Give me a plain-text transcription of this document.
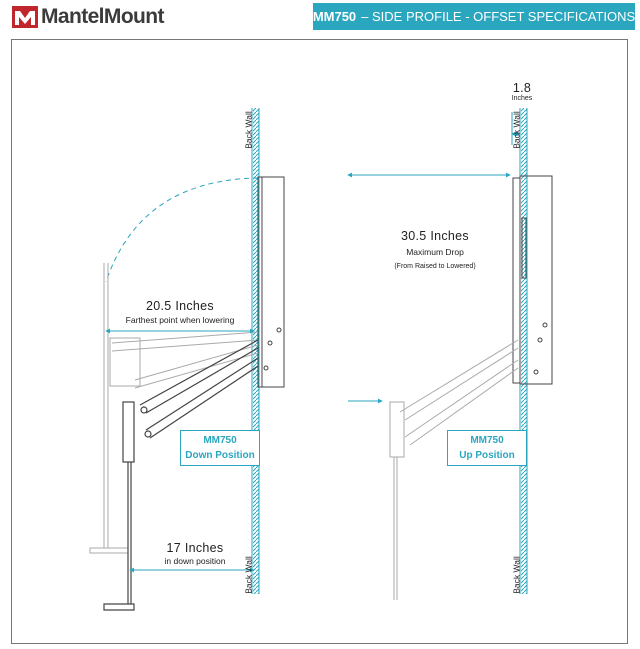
MantelMount	MM750 – SIDE PROFILE - OFFSET SPECIFICATIONS
Back Wall
Back Wall
20.5 Inches
Farthest point when lowering
MM750
Down Position
17 Inches
in down position
1.8
Inches
Back Wall
Back Wall
30.5 Inches
Maximum Drop
(From Raised to Lowered)
MM750
Up Position
